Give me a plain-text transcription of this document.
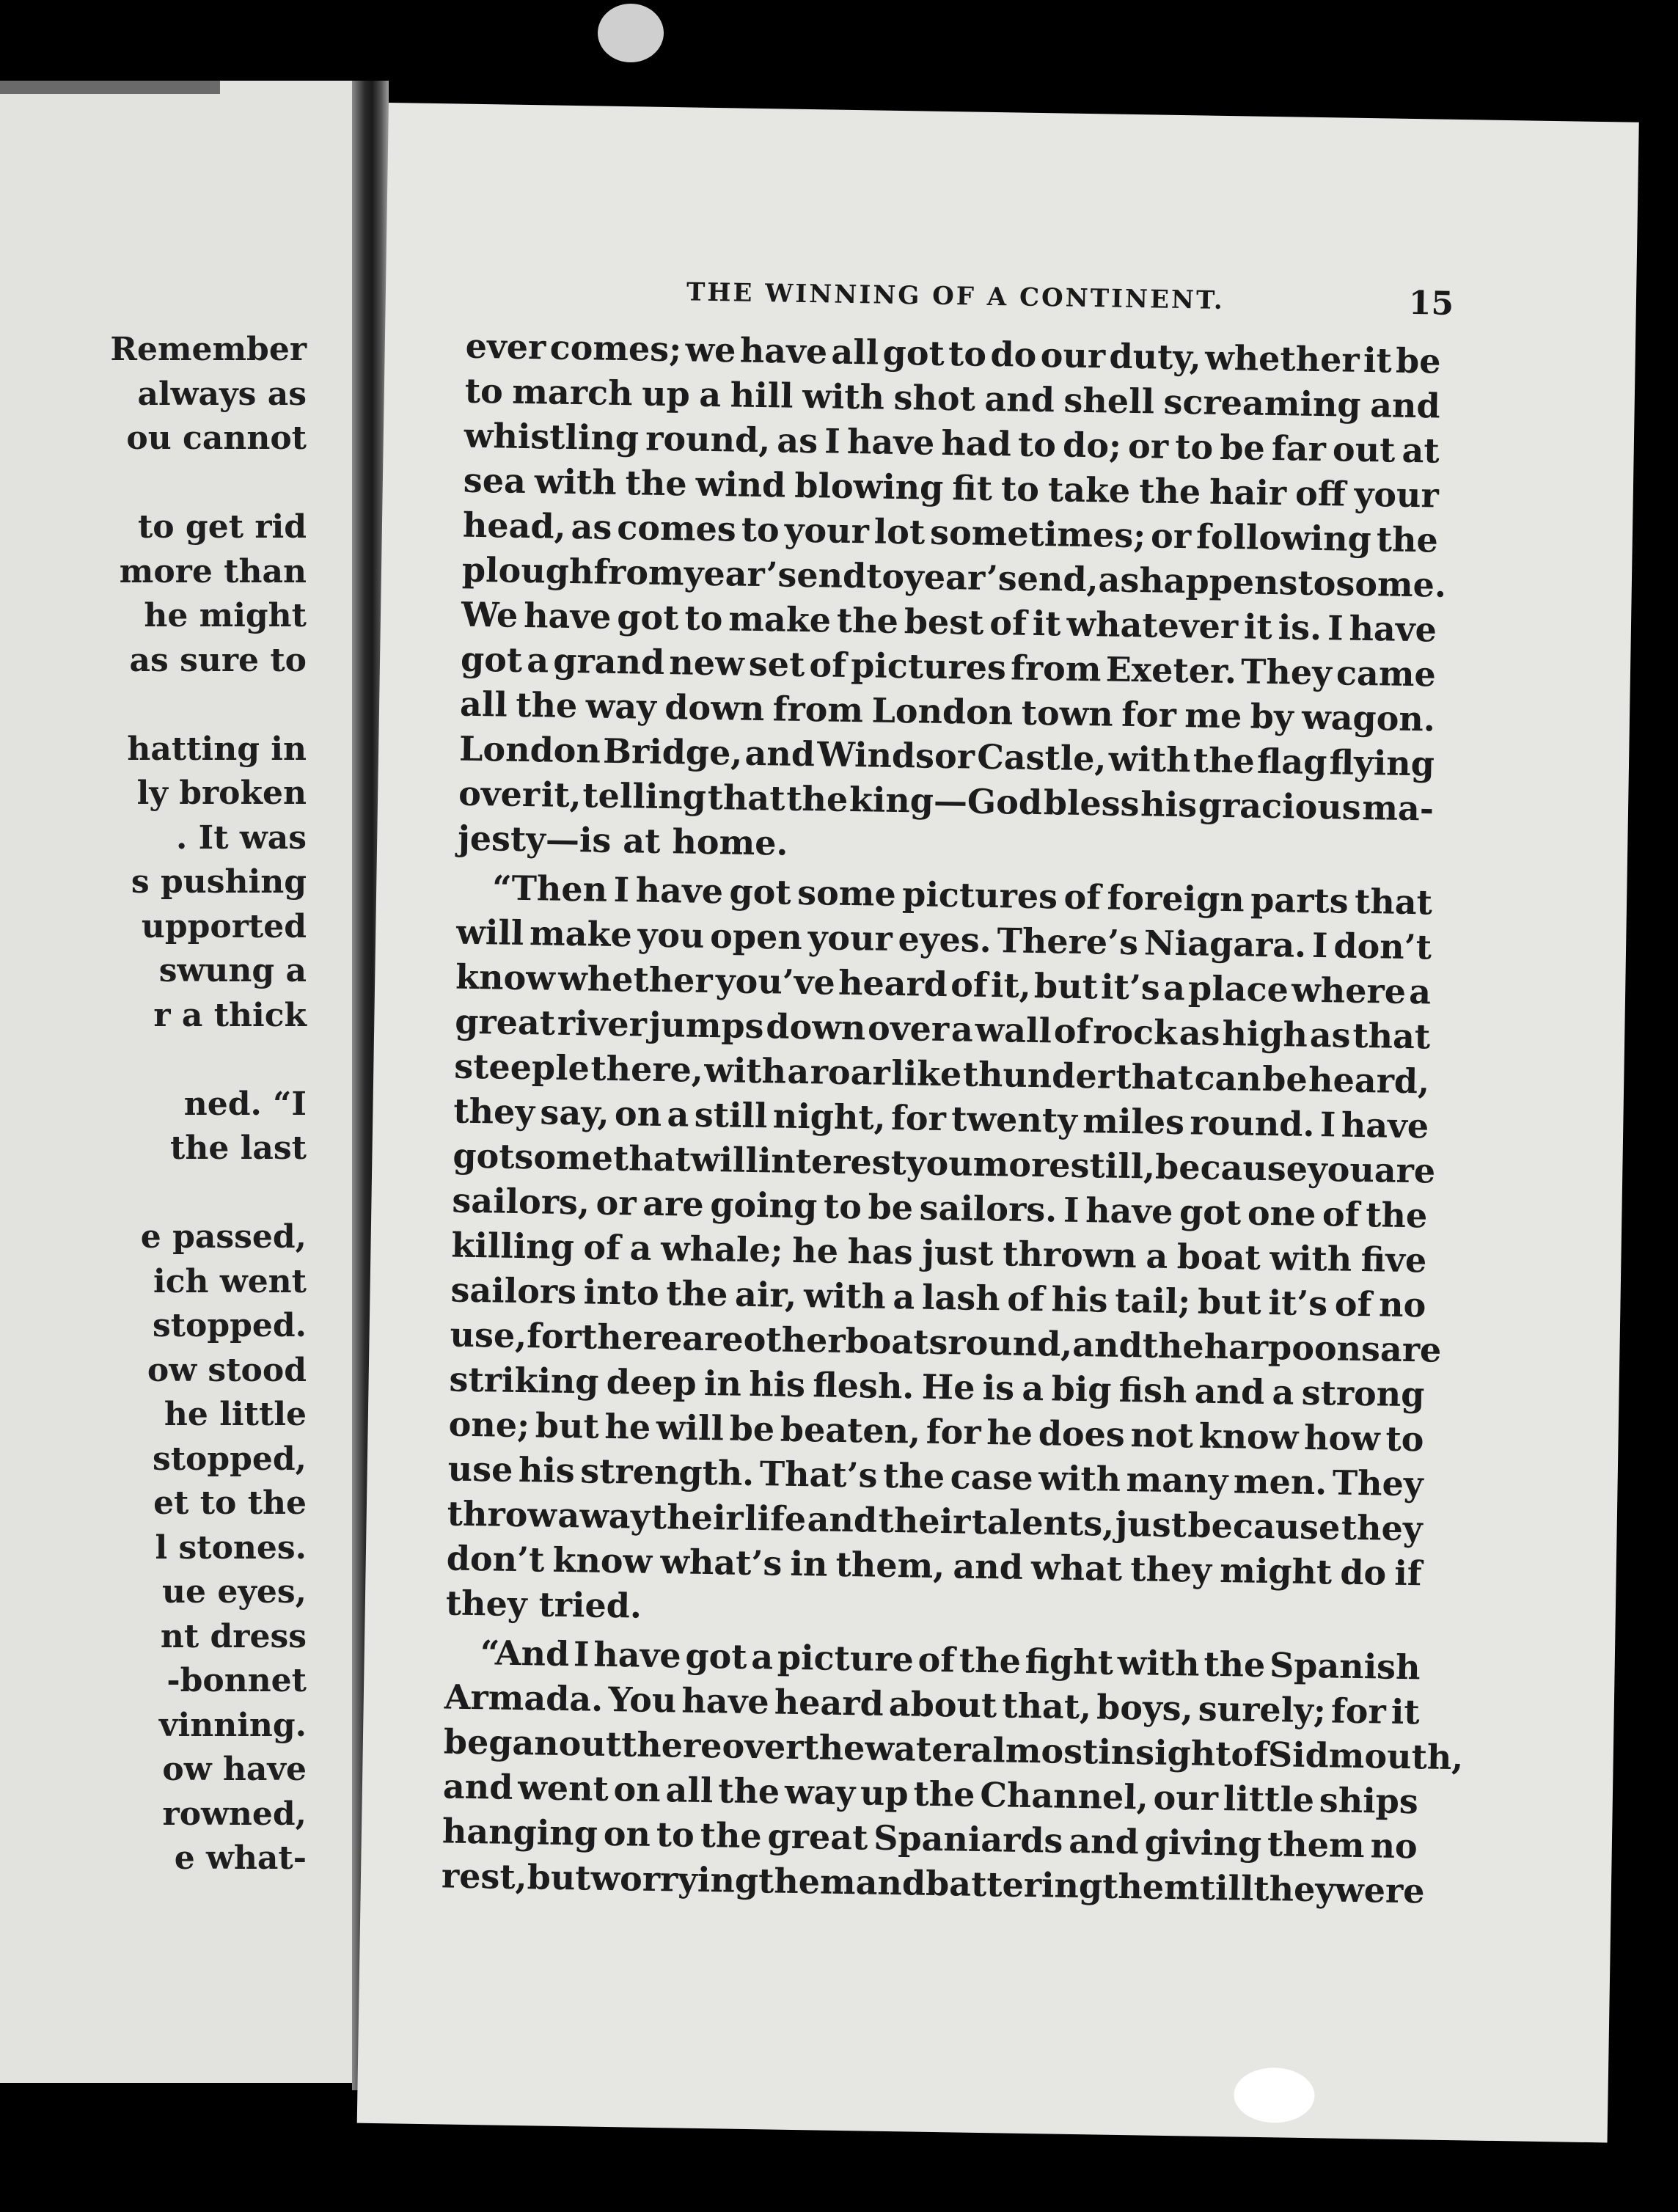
Remember
always as
ou cannot
to get rid
more than
he might
as sure to
hatting in
ly broken
. It was
s pushing
upported
swung a
r a thick
ned. “I
the last
e passed,
ich went
stopped.
ow stood
he little
stopped,
et to the
l stones.
ue eyes,
nt dress
-bonnet
vinning.
ow have
rowned,
e what-
THE WINNING OF A CONTINENT.	15
ever comes; we have all got to do our duty, whether it be
to march up a hill with shot and shell screaming and
whistling round, as I have had to do; or to be far out at
sea with the wind blowing fit to take the hair off your
head, as comes to your lot sometimes; or following the
plough from year’s end to year’s end, as happens to some.
We have got to make the best of it whatever it is. I have
got a grand new set of pictures from Exeter. They came
all the way down from London town for me by wagon.
London Bridge, and Windsor Castle, with the flag flying
over it, telling that the king—God bless his gracious ma-
jesty—is at home.
“Then I have got some pictures of foreign parts that
will make you open your eyes. There’s Niagara. I don’t
know whether you’ve heard of it, but it’s a place where a
great river jumps down over a wall of rock as high as that
steeple there, with a roar like thunder that can be heard,
they say, on a still night, for twenty miles round. I have
got some that will interest you more still, because you are
sailors, or are going to be sailors. I have got one of the
killing of a whale; he has just thrown a boat with five
sailors into the air, with a lash of his tail; but it’s of no
use, for there are other boats round, and the harpoons are
striking deep in his flesh. He is a big fish and a strong
one; but he will be beaten, for he does not know how to
use his strength. That’s the case with many men. They
throw away their life and their talents, just because they
don’t know what’s in them, and what they might do if
they tried.
“And I have got a picture of the fight with the Spanish
Armada. You have heard about that, boys, surely; for it
began out there over the water almost in sight of Sidmouth,
and went on all the way up the Channel, our little ships
hanging on to the great Spaniards and giving them no
rest, but worrying them and battering them till they were
